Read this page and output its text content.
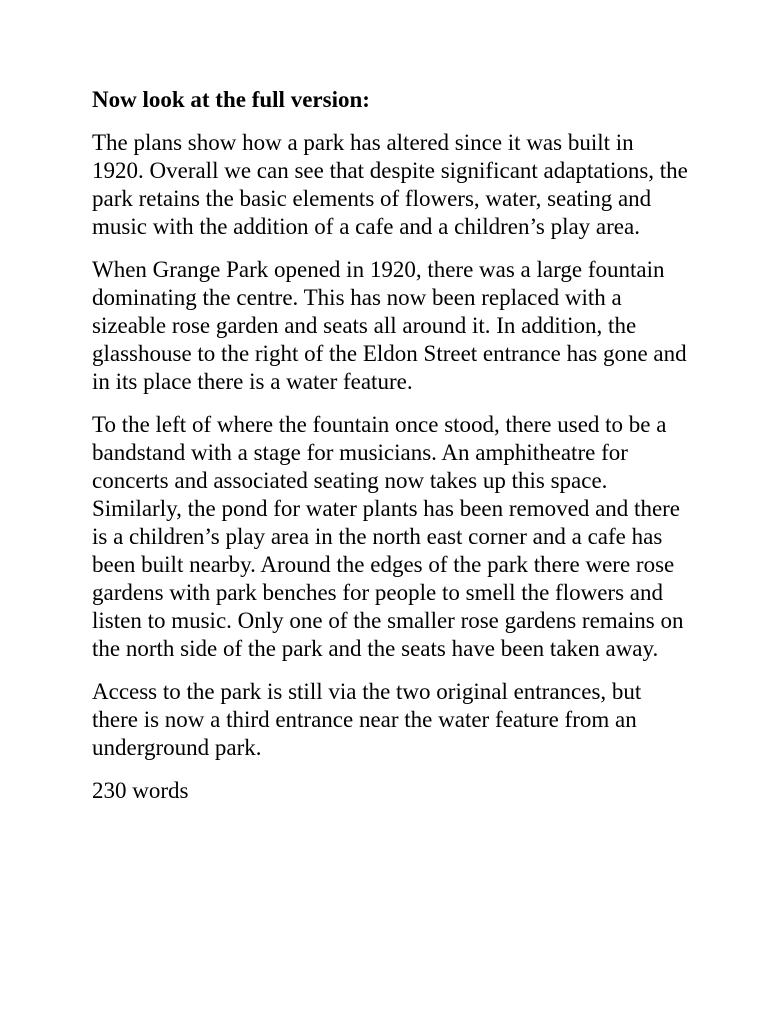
Now look at the full version:

The plans show how a park has altered since it was built in 1920. Overall we can see that despite significant adaptations, the park retains the basic elements of flowers, water, seating and music with the addition of a cafe and a children’s play area.

When Grange Park opened in 1920, there was a large fountain dominating the centre. This has now been replaced with a sizeable rose garden and seats all around it. In addition, the glasshouse to the right of the Eldon Street entrance has gone and in its place there is a water feature.

To the left of where the fountain once stood, there used to be a bandstand with a stage for musicians. An amphitheatre for concerts and associated seating now takes up this space. Similarly, the pond for water plants has been removed and there is a children’s play area in the north east corner and a cafe has been built nearby. Around the edges of the park there were rose gardens with park benches for people to smell the flowers and listen to music. Only one of the smaller rose gardens remains on the north side of the park and the seats have been taken away.

Access to the park is still via the two original entrances, but there is now a third entrance near the water feature from an underground park.

230 words
